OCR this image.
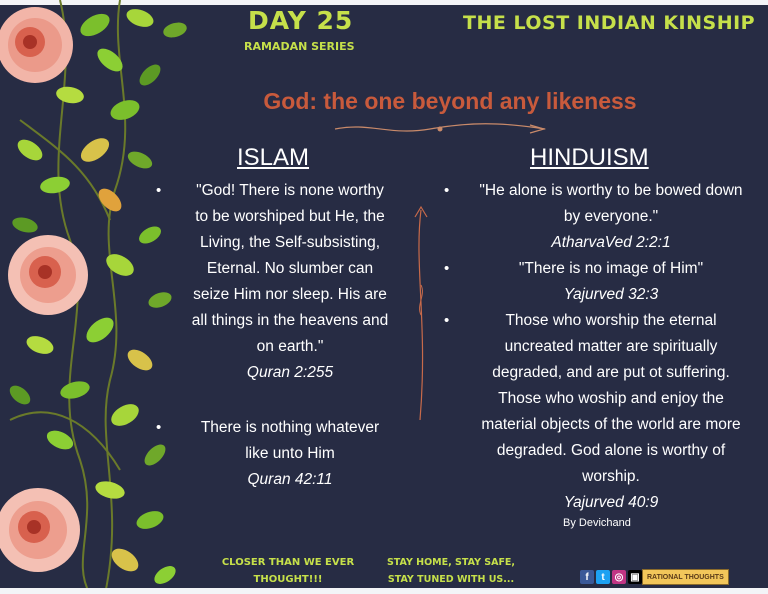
DAY 25
RAMADAN SERIES
THE LOST INDIAN KINSHIP
God: the one beyond any likeness
ISLAM	HINDUISM
•	"God! There is none worthy
to be worshiped but He, the
Living, the Self-subsisting,
Eternal. No slumber can
seize Him nor sleep. His are
all things in the heavens and
on earth."
Quran 2:255
•	There is nothing whatever
like unto Him
Quran 42:11
•	"He alone is worthy to be bowed down
by everyone."
AtharvaVed 2:2:1
•	"There is no image of Him"
Yajurved 32:3
•	Those who worship the eternal
uncreated matter are spiritually
degraded, and are put ot suffering.
Those who woship and enjoy the
material objects of the world are more
degraded. God alone is worthy of
worship.
Yajurved 40:9
By Devichand
CLOSER THAN WE EVER
THOUGHT!!!
STAY HOME, STAY SAFE,
STAY TUNED WITH US...	f	t ◎ ▣	RATIONAL THOUGHTS
